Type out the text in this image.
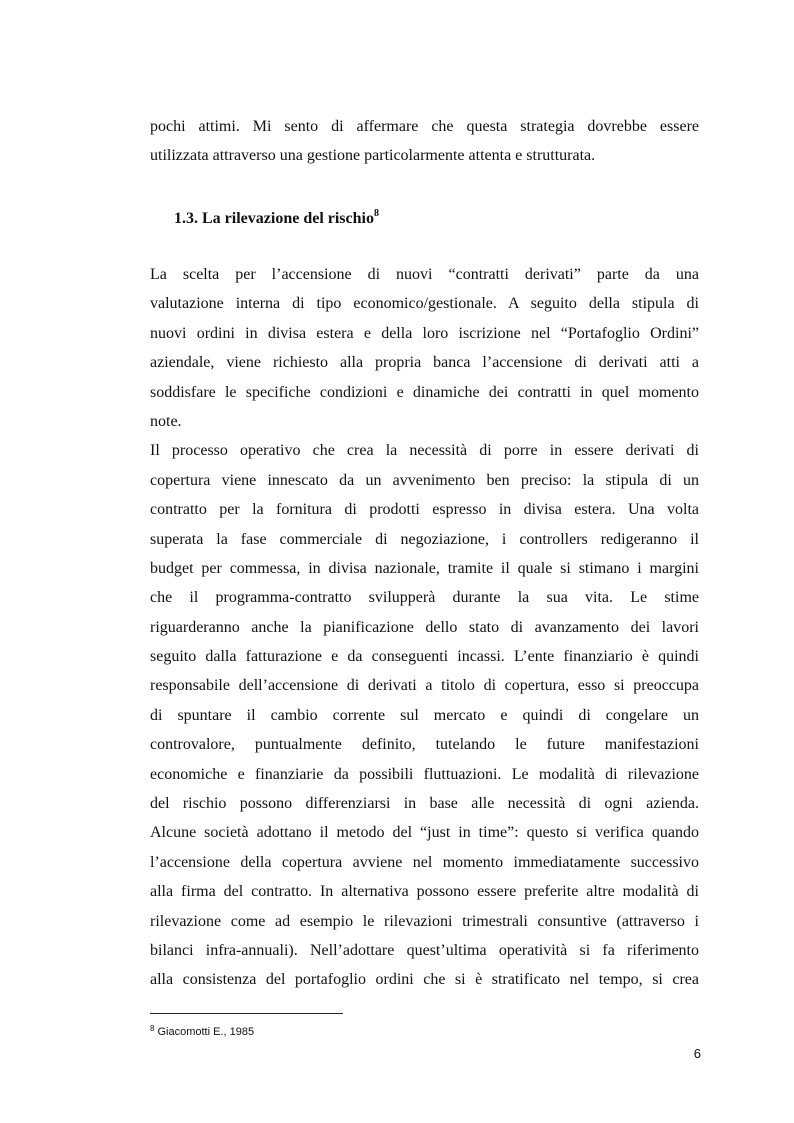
pochi attimi. Mi sento di affermare che questa strategia dovrebbe essere
utilizzata attraverso una gestione particolarmente attenta e strutturata.
1.3. La rilevazione del rischio$^8$
La scelta per l’accensione di nuovi “contratti derivati” parte da una
valutazione interna di tipo economico/gestionale. A seguito della stipula di
nuovi ordini in divisa estera e della loro iscrizione nel “Portafoglio Ordini”
aziendale, viene richiesto alla propria banca l’accensione di derivati atti a
soddisfare le specifiche condizioni e dinamiche dei contratti in quel momento
note.
Il processo operativo che crea la necessità di porre in essere derivati di
copertura viene innescato da un avvenimento ben preciso: la stipula di un
contratto per la fornitura di prodotti espresso in divisa estera. Una volta
superata la fase commerciale di negoziazione, i controllers redigeranno il
budget per commessa, in divisa nazionale, tramite il quale si stimano i margini
che il programma-contratto svilupperà durante la sua vita. Le stime
riguarderanno anche la pianificazione dello stato di avanzamento dei lavori
seguito dalla fatturazione e da conseguenti incassi. L’ente finanziario è quindi
responsabile dell’accensione di derivati a titolo di copertura, esso si preoccupa
di spuntare il cambio corrente sul mercato e quindi di congelare un
controvalore, puntualmente definito, tutelando le future manifestazioni
economiche e finanziarie da possibili fluttuazioni. Le modalità di rilevazione
del rischio possono differenziarsi in base alle necessità di ogni azienda.
Alcune società adottano il metodo del “just in time”: questo si verifica quando
l’accensione della copertura avviene nel momento immediatamente successivo
alla firma del contratto. In alternativa possono essere preferite altre modalità di
rilevazione come ad esempio le rilevazioni trimestrali consuntive (attraverso i
bilanci infra-annuali). Nell’adottare quest’ultima operatività si fa riferimento
alla consistenza del portafoglio ordini che si è stratificato nel tempo, si crea
$^8$ Giacomotti E., 1985
6
